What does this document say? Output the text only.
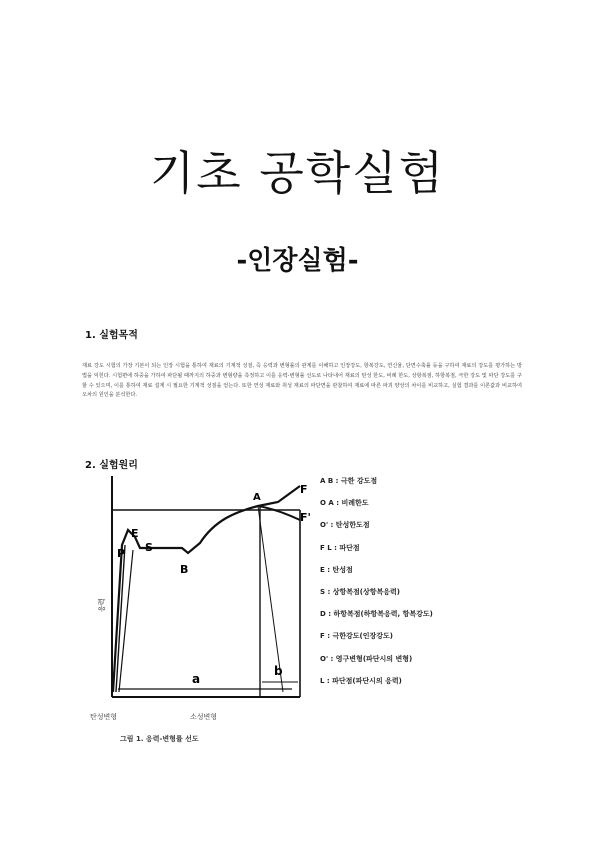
기초 공학실험
-인장실험-
1. 실험목적
재료 강도 시험의 가장 기본이 되는 인장 시험을 통하여 재료의 기계적 성질, 즉 응력과 변형률의 관계를 이해하고 인장강도, 항복강도, 연신율, 단면수축률 등을 구하여 재료의 강도를 평가하는 방법을 익힌다. 시험편에 하중을 가하여 파단될 때까지의 하중과 변형량을 측정하고 이를 응력-변형률 선도로 나타내어 재료의 탄성 한도, 비례 한도, 상항복점, 하항복점, 극한 강도 및 파단 강도를 구할 수 있으며, 이를 통하여 재료 설계 시 필요한 기계적 성질을 얻는다. 또한 연성 재료와 취성 재료의 파단면을 관찰하여 재료에 따른 파괴 양상의 차이를 비교하고, 실험 결과를 이론값과 비교하여 오차의 원인을 분석한다.
2. 실험원리
P
E
S
B
A
F
F'
a
b
응력
탄성변형	소성변형
A B : 극한 강도점
O A : 비례한도
O' : 탄성한도점
F L : 파단점
E : 탄성점
S : 상항복점(상항복응력)
D : 하항복점(하항복응력, 항복강도)
F : 극한강도(인장강도)
O' : 영구변형(파단시의 변형)
L : 파단점(파단시의 응력)
그림 1. 응력-변형률 선도
